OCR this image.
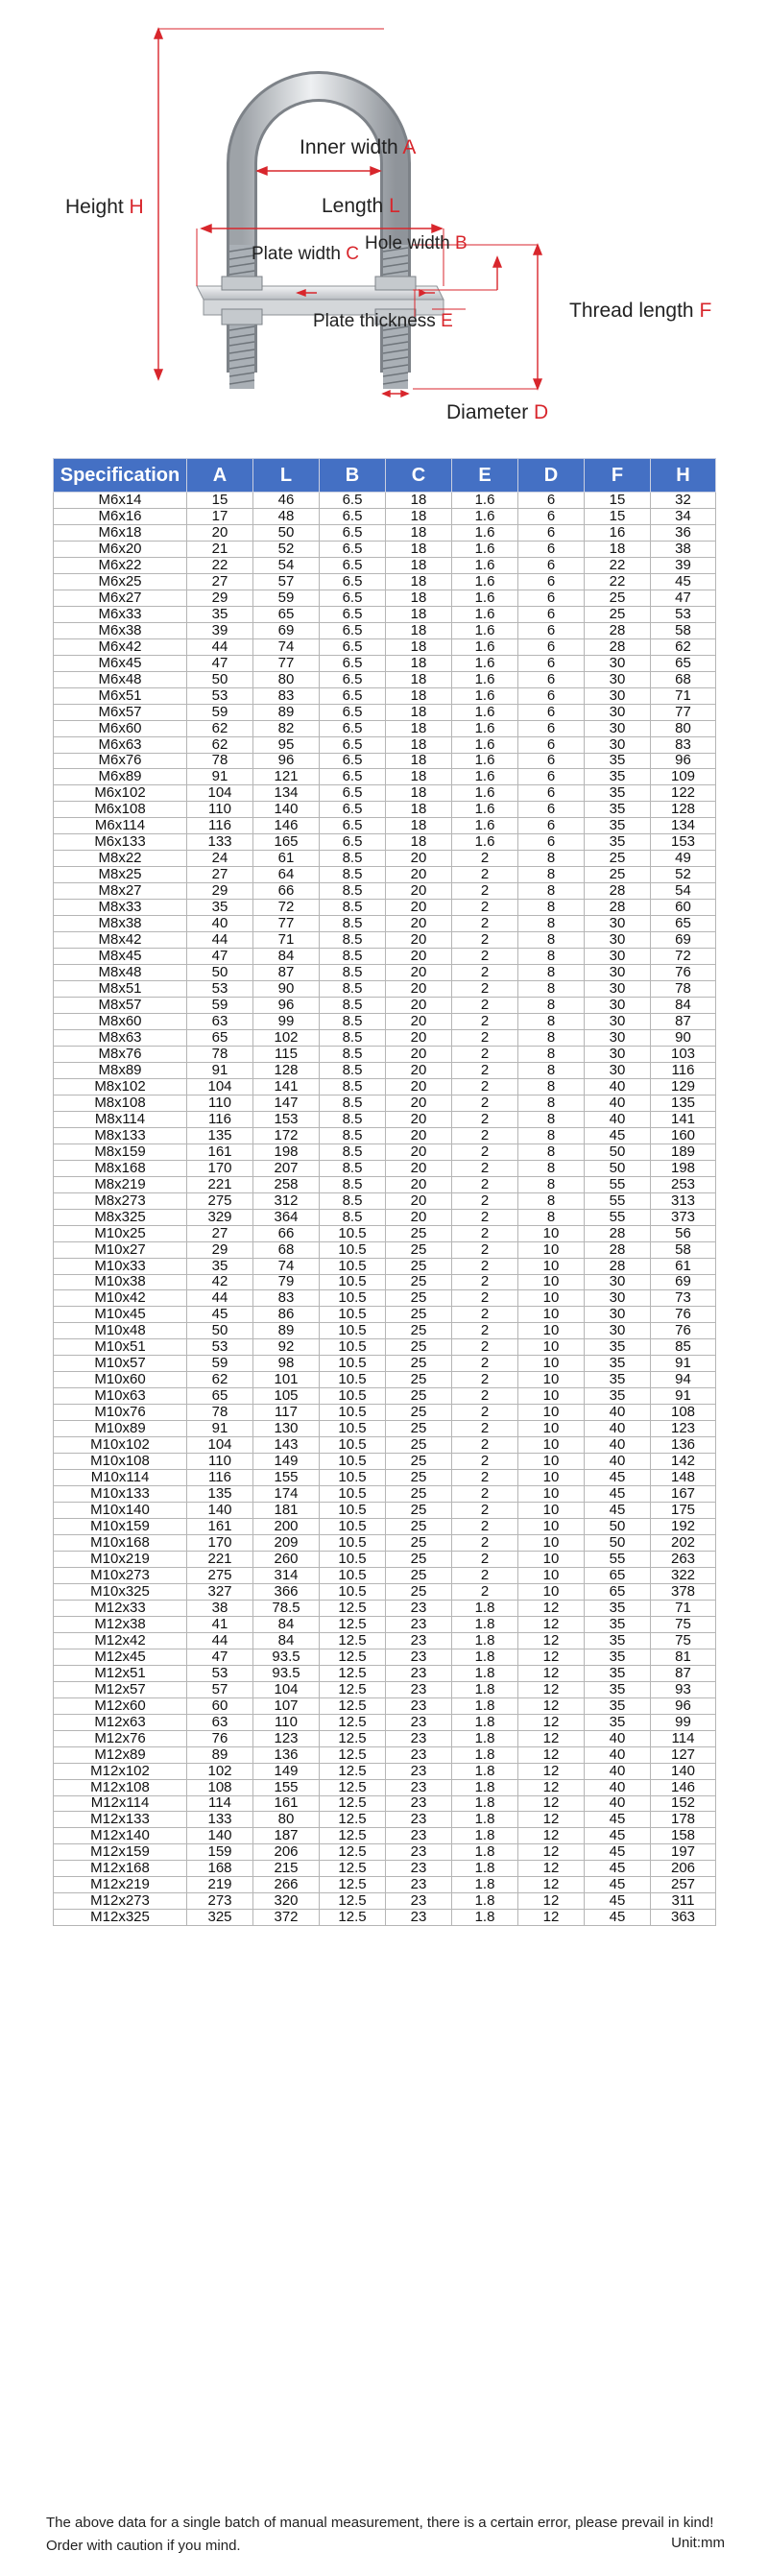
Inner width A
Height H	Length L
Hole width B
Plate width C
Thread length F
Plate thickness E
Diameter D
Specification	A	L	B	C	E	D	F	H
M6x14	15	46	6.5	18	1.6	6	15	32
M6x16	17	48	6.5	18	1.6	6	15	34
M6x18	20	50	6.5	18	1.6	6	16	36
M6x20	21	52	6.5	18	1.6	6	18	38
M6x22	22	54	6.5	18	1.6	6	22	39
M6x25	27	57	6.5	18	1.6	6	22	45
M6x27	29	59	6.5	18	1.6	6	25	47
M6x33	35	65	6.5	18	1.6	6	25	53
M6x38	39	69	6.5	18	1.6	6	28	58
M6x42	44	74	6.5	18	1.6	6	28	62
M6x45	47	77	6.5	18	1.6	6	30	65
M6x48	50	80	6.5	18	1.6	6	30	68
M6x51	53	83	6.5	18	1.6	6	30	71
M6x57	59	89	6.5	18	1.6	6	30	77
M6x60	62	82	6.5	18	1.6	6	30	80
M6x63	62	95	6.5	18	1.6	6	30	83
M6x76	78	96	6.5	18	1.6	6	35	96
M6x89	91	121	6.5	18	1.6	6	35	109
M6x102	104	134	6.5	18	1.6	6	35	122
M6x108	110	140	6.5	18	1.6	6	35	128
M6x114	116	146	6.5	18	1.6	6	35	134
M6x133	133	165	6.5	18	1.6	6	35	153
M8x22	24	61	8.5	20	2	8	25	49
M8x25	27	64	8.5	20	2	8	25	52
M8x27	29	66	8.5	20	2	8	28	54
M8x33	35	72	8.5	20	2	8	28	60
M8x38	40	77	8.5	20	2	8	30	65
M8x42	44	71	8.5	20	2	8	30	69
M8x45	47	84	8.5	20	2	8	30	72
M8x48	50	87	8.5	20	2	8	30	76
M8x51	53	90	8.5	20	2	8	30	78
M8x57	59	96	8.5	20	2	8	30	84
M8x60	63	99	8.5	20	2	8	30	87
M8x63	65	102	8.5	20	2	8	30	90
M8x76	78	115	8.5	20	2	8	30	103
M8x89	91	128	8.5	20	2	8	30	116
M8x102	104	141	8.5	20	2	8	40	129
M8x108	110	147	8.5	20	2	8	40	135
M8x114	116	153	8.5	20	2	8	40	141
M8x133	135	172	8.5	20	2	8	45	160
M8x159	161	198	8.5	20	2	8	50	189
M8x168	170	207	8.5	20	2	8	50	198
M8x219	221	258	8.5	20	2	8	55	253
M8x273	275	312	8.5	20	2	8	55	313
M8x325	329	364	8.5	20	2	8	55	373
M10x25	27	66	10.5	25	2	10	28	56
M10x27	29	68	10.5	25	2	10	28	58
M10x33	35	74	10.5	25	2	10	28	61
M10x38	42	79	10.5	25	2	10	30	69
M10x42	44	83	10.5	25	2	10	30	73
M10x45	45	86	10.5	25	2	10	30	76
M10x48	50	89	10.5	25	2	10	30	76
M10x51	53	92	10.5	25	2	10	35	85
M10x57	59	98	10.5	25	2	10	35	91
M10x60	62	101	10.5	25	2	10	35	94
M10x63	65	105	10.5	25	2	10	35	91
M10x76	78	117	10.5	25	2	10	40	108
M10x89	91	130	10.5	25	2	10	40	123
M10x102	104	143	10.5	25	2	10	40	136
M10x108	110	149	10.5	25	2	10	40	142
M10x114	116	155	10.5	25	2	10	45	148
M10x133	135	174	10.5	25	2	10	45	167
M10x140	140	181	10.5	25	2	10	45	175
M10x159	161	200	10.5	25	2	10	50	192
M10x168	170	209	10.5	25	2	10	50	202
M10x219	221	260	10.5	25	2	10	55	263
M10x273	275	314	10.5	25	2	10	65	322
M10x325	327	366	10.5	25	2	10	65	378
M12x33	38	78.5	12.5	23	1.8	12	35	71
M12x38	41	84	12.5	23	1.8	12	35	75
M12x42	44	84	12.5	23	1.8	12	35	75
M12x45	47	93.5	12.5	23	1.8	12	35	81
M12x51	53	93.5	12.5	23	1.8	12	35	87
M12x57	57	104	12.5	23	1.8	12	35	93
M12x60	60	107	12.5	23	1.8	12	35	96
M12x63	63	110	12.5	23	1.8	12	35	99
M12x76	76	123	12.5	23	1.8	12	40	114
M12x89	89	136	12.5	23	1.8	12	40	127
M12x102	102	149	12.5	23	1.8	12	40	140
M12x108	108	155	12.5	23	1.8	12	40	146
M12x114	114	161	12.5	23	1.8	12	40	152
M12x133	133	80	12.5	23	1.8	12	45	178
M12x140	140	187	12.5	23	1.8	12	45	158
M12x159	159	206	12.5	23	1.8	12	45	197
M12x168	168	215	12.5	23	1.8	12	45	206
M12x219	219	266	12.5	23	1.8	12	45	257
M12x273	273	320	12.5	23	1.8	12	45	311
M12x325	325	372	12.5	23	1.8	12	45	363
The above data for a single batch of manual measurement, there is a certain error, please prevail in kind! Order with caution if you mind.	Unit:mm
